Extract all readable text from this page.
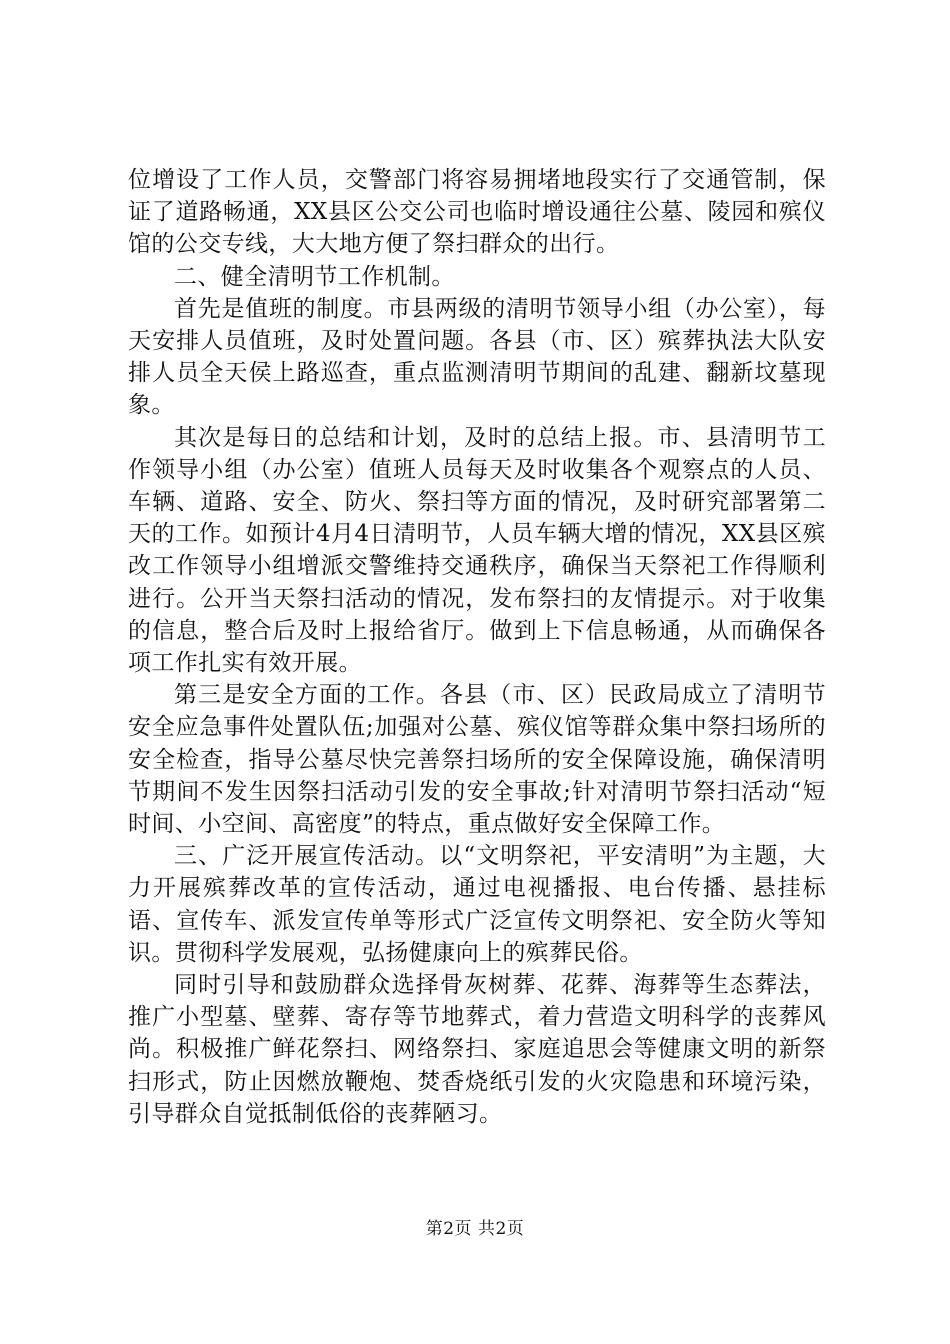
位增设了工作人员，交警部门将容易拥堵地段实行了交通管制，保证了道路畅通，XX县区公交公司也临时增设通往公墓、陵园和殡仪馆的公交专线，大大地方便了祭扫群众的出行。

二、健全清明节工作机制。

首先是值班的制度。市县两级的清明节领导小组（办公室），每天安排人员值班，及时处置问题。各县（市、区）殡葬执法大队安排人员全天侯上路巡查，重点监测清明节期间的乱建、翻新坟墓现象。

其次是每日的总结和计划，及时的总结上报。市、县清明节工作领导小组（办公室）值班人员每天及时收集各个观察点的人员、车辆、道路、安全、防火、祭扫等方面的情况，及时研究部署第二天的工作。如预计4月4日清明节，人员车辆大增的情况，XX县区殡改工作领导小组增派交警维持交通秩序，确保当天祭祀工作得顺利进行。公开当天祭扫活动的情况，发布祭扫的友情提示。对于收集的信息，整合后及时上报给省厅。做到上下信息畅通，从而确保各项工作扎实有效开展。

第三是安全方面的工作。各县（市、区）民政局成立了清明节安全应急事件处置队伍;加强对公墓、殡仪馆等群众集中祭扫场所的安全检查，指导公墓尽快完善祭扫场所的安全保障设施，确保清明节期间不发生因祭扫活动引发的安全事故;针对清明节祭扫活动“短时间、小空间、高密度”的特点，重点做好安全保障工作。

三、广泛开展宣传活动。以“文明祭祀，平安清明”为主题，大力开展殡葬改革的宣传活动，通过电视播报、电台传播、悬挂标语、宣传车、派发宣传单等形式广泛宣传文明祭祀、安全防火等知识。贯彻科学发展观，弘扬健康向上的殡葬民俗。

同时引导和鼓励群众选择骨灰树葬、花葬、海葬等生态葬法，推广小型墓、壁葬、寄存等节地葬式，着力营造文明科学的丧葬风尚。积极推广鲜花祭扫、网络祭扫、家庭追思会等健康文明的新祭扫形式，防止因燃放鞭炮、焚香烧纸引发的火灾隐患和环境污染，引导群众自觉抵制低俗的丧葬陋习。

第2页 共2页
